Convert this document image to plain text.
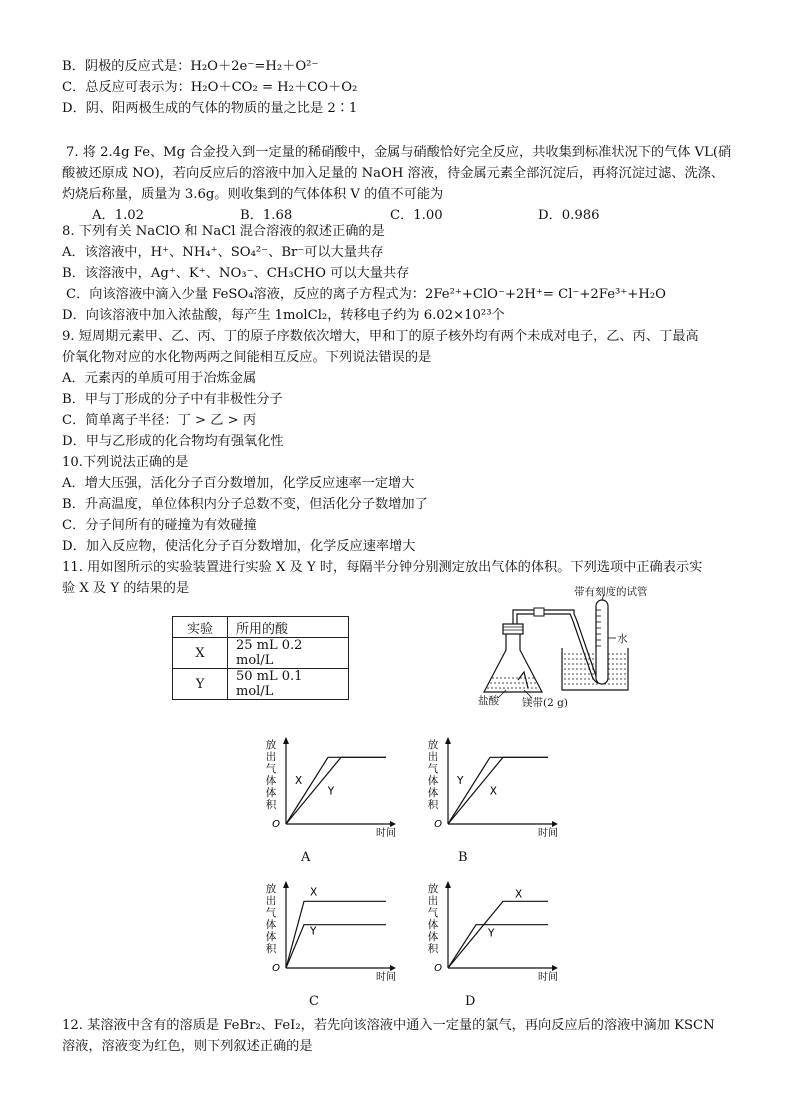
B．阴极的反应式是：H₂O＋2e⁻=H₂＋O²⁻
C．总反应可表示为：H₂O＋CO₂ = H₂＋CO＋O₂
D．阴、阳两极生成的气体的物质的量之比是 2∶1
7. 将 2.4g Fe、Mg 合金投入到一定量的稀硝酸中，金属与硝酸恰好完全反应，共收集到标准状况下的气体 VL(硝
酸被还原成 NO)，若向反应后的溶液中加入足量的 NaOH 溶液，待金属元素全部沉淀后，再将沉淀过滤、洗涤、
灼烧后称量，质量为 3.6g。则收集到的气体体积 V 的值不可能为
A．1.02	B．1.68	C．1.00	D．0.986
8. 下列有关 NaClO 和 NaCl 混合溶液的叙述正确的是
A．该溶液中，H⁺、NH₄⁺、SO₄²⁻、Br⁻可以大量共存
B．该溶液中，Ag⁺、K⁺、NO₃⁻、CH₃CHO 可以大量共存
C．向该溶液中滴入少量 FeSO₄溶液，反应的离子方程式为：2Fe²⁺+ClO⁻+2H⁺= Cl⁻+2Fe³⁺+H₂O
D．向该溶液中加入浓盐酸，每产生 1molCl₂，转移电子约为 6.02×10²³个
9. 短周期元素甲、乙、丙、丁的原子序数依次增大，甲和丁的原子核外均有两个未成对电子，乙、丙、丁最高
价氧化物对应的水化物两两之间能相互反应。下列说法错误的是
A．元素丙的单质可用于冶炼金属
B．甲与丁形成的分子中有非极性分子
C．简单离子半径：丁 > 乙 > 丙
D．甲与乙形成的化合物均有强氧化性
10.下列说法正确的是
A．增大压强，活化分子百分数增加，化学反应速率一定增大
B．升高温度，单位体积内分子总数不变，但活化分子数增加了
C．分子间所有的碰撞为有效碰撞
D．加入反应物，使活化分子百分数增加，化学反应速率增大
11. 用如图所示的实验装置进行实验 X 及 Y 时，每隔半分钟分别测定放出气体的体积。下列选项中正确表示实
验 X 及 Y 的结果的是
实验	所用的酸
X	25 mL 0.2 mol/L
Y	50 mL 0.1 mol/L
带有刻度的试管
水
盐酸 镁带(2 g)
放
出
气
体
体
积
O
时间
X
Y
放
出
气
体
体
积
O
时间
Y
X
放
出
气
体
体
积
O
时间
X
Y
放
出
气
体
体
积
O
时间
X
Y
A	B
C	D
12. 某溶液中含有的溶质是 FeBr₂、FeI₂，若先向该溶液中通入一定量的氯气，再向反应后的溶液中滴加 KSCN
溶液，溶液变为红色，则下列叙述正确的是
